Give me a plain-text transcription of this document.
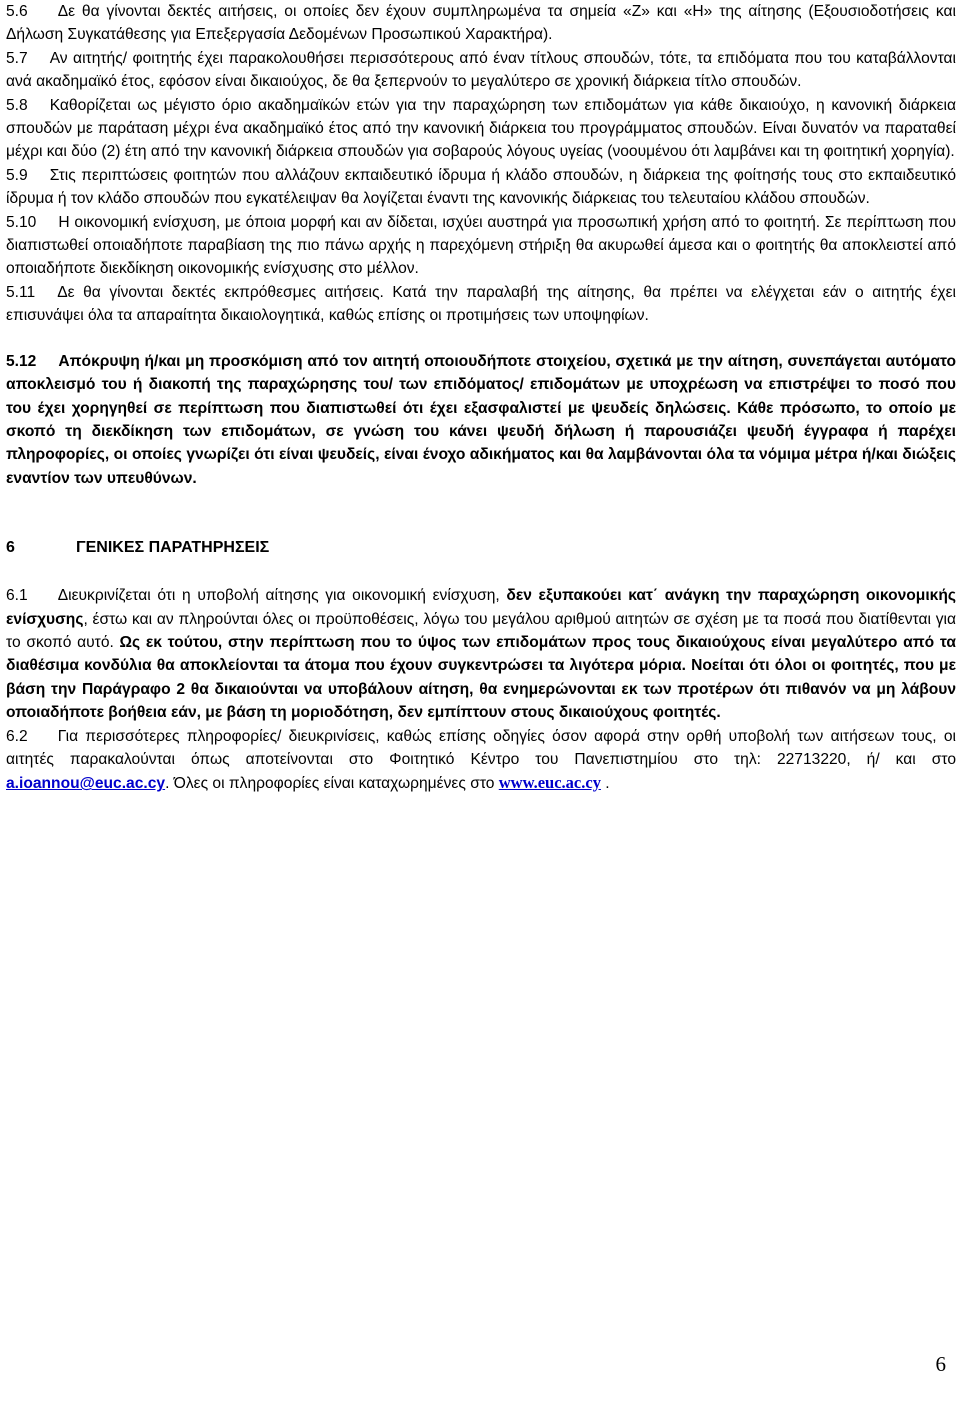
5.6 Δε θα γίνονται δεκτές αιτήσεις, οι οποίες δεν έχουν συμπληρωμένα τα σημεία «Ζ» και «Η» της αίτησης (Εξουσιοδοτήσεις και Δήλωση Συγκατάθεσης για Επεξεργασία Δεδομένων Προσωπικού Χαρακτήρα).

5.7 Αν αιτητής/ φοιτητής έχει παρακολουθήσει περισσότερους από έναν τίτλους σπουδών, τότε, τα επιδόματα που του καταβάλλονται ανά ακαδημαϊκό έτος, εφόσον είναι δικαιούχος, δε θα ξεπερνούν το μεγαλύτερο σε χρονική διάρκεια τίτλο σπουδών.

5.8 Καθορίζεται ως μέγιστο όριο ακαδημαϊκών ετών για την παραχώρηση των επιδομάτων για κάθε δικαιούχο, η κανονική διάρκεια σπουδών με παράταση μέχρι ένα ακαδημαϊκό έτος από την κανονική διάρκεια του προγράμματος σπουδών. Είναι δυνατόν να παραταθεί μέχρι και δύο (2) έτη από την κανονική διάρκεια σπουδών για σοβαρούς λόγους υγείας (νοουμένου ότι λαμβάνει και τη φοιτητική χορηγία).

5.9 Στις περιπτώσεις φοιτητών που αλλάζουν εκπαιδευτικό ίδρυμα ή κλάδο σπουδών, η διάρκεια της φοίτησής τους στο εκπαιδευτικό ίδρυμα ή τον κλάδο σπουδών που εγκατέλειψαν θα λογίζεται έναντι της κανονικής διάρκειας του τελευταίου κλάδου σπουδών.

5.10 Η οικονομική ενίσχυση, με όποια μορφή και αν δίδεται, ισχύει αυστηρά για προσωπική χρήση από το φοιτητή. Σε περίπτωση που διαπιστωθεί οποιαδήποτε παραβίαση της πιο πάνω αρχής η παρεχόμενη στήριξη θα ακυρωθεί άμεσα και ο φοιτητής θα αποκλειστεί από οποιαδήποτε διεκδίκηση οικονομικής ενίσχυσης στο μέλλον.

5.11 Δε θα γίνονται δεκτές εκπρόθεσμες αιτήσεις. Κατά την παραλαβή της αίτησης, θα πρέπει να ελέγχεται εάν ο αιτητής έχει επισυνάψει όλα τα απαραίτητα δικαιολογητικά, καθώς επίσης οι προτιμήσεις των υποψηφίων.

5.12 Απόκρυψη ή/και μη προσκόμιση από τον αιτητή οποιουδήποτε στοιχείου, σχετικά με την αίτηση, συνεπάγεται αυτόματο αποκλεισμό του ή διακοπή της παραχώρησης του/ των επιδόματος/ επιδομάτων με υποχρέωση να επιστρέψει το ποσό που του έχει χορηγηθεί σε περίπτωση που διαπιστωθεί ότι έχει εξασφαλιστεί με ψευδείς δηλώσεις. Κάθε πρόσωπο, το οποίο με σκοπό τη διεκδίκηση των επιδομάτων, σε γνώση του κάνει ψευδή δήλωση ή παρουσιάζει ψευδή έγγραφα ή παρέχει πληροφορίες, οι οποίες γνωρίζει ότι είναι ψευδείς, είναι ένοχο αδικήματος και θα λαμβάνονται όλα τα νόμιμα μέτρα ή/και διώξεις εναντίον των υπευθύνων.

6	ΓΕΝΙΚΕΣ ΠΑΡΑΤΗΡΗΣΕΙΣ

6.1 Διευκρινίζεται ότι η υποβολή αίτησης για οικονομική ενίσχυση, δεν εξυπακούει κατ΄ ανάγκη την παραχώρηση οικονομικής ενίσχυσης, έστω και αν πληρούνται όλες οι προϋποθέσεις, λόγω του μεγάλου αριθμού αιτητών σε σχέση με τα ποσά που διατίθενται για το σκοπό αυτό. Ως εκ τούτου, στην περίπτωση που το ύψος των επιδομάτων προς τους δικαιούχους είναι μεγαλύτερο από τα διαθέσιμα κονδύλια θα αποκλείονται τα άτομα που έχουν συγκεντρώσει τα λιγότερα μόρια. Νοείται ότι όλοι οι φοιτητές, που με βάση την Παράγραφο 2 θα δικαιούνται να υποβάλουν αίτηση, θα ενημερώνονται εκ των προτέρων ότι πιθανόν να μη λάβουν οποιαδήποτε βοήθεια εάν, με βάση τη μοριοδότηση, δεν εμπίπτουν στους δικαιούχους φοιτητές.

6.2 Για περισσότερες πληροφορίες/ διευκρινίσεις, καθώς επίσης οδηγίες όσον αφορά στην ορθή υποβολή των αιτήσεων τους, οι αιτητές παρακαλούνται όπως αποτείνονται στο Φοιτητικό Κέντρο του Πανεπιστημίου στο τηλ: 22713220, ή/ και στο a.ioannou@euc.ac.cy. Όλες οι πληροφορίες είναι καταχωρημένες στο www.euc.ac.cy .

6
